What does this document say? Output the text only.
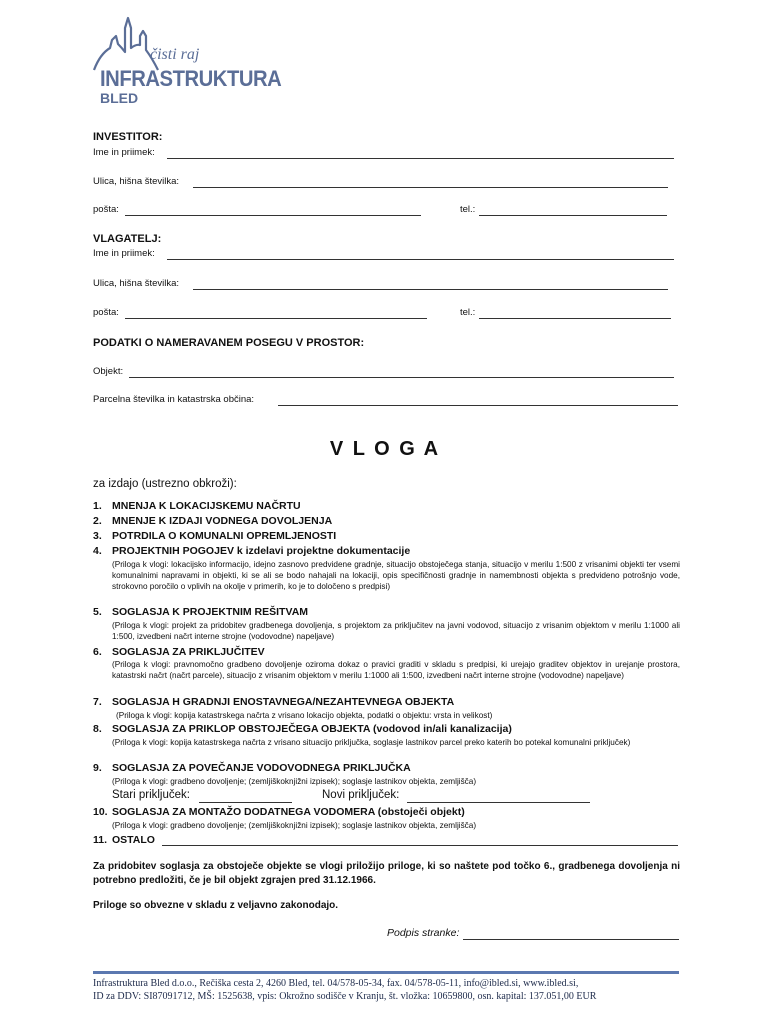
čisti raj
INFRASTRUKTURA
BLED
INVESTITOR:
Ime in priimek:
Ulica, hišna številka:
pošta:	tel.:
VLAGATELJ:
Ime in priimek:
Ulica, hišna številka:
pošta:	tel.:
PODATKI O NAMERAVANEM POSEGU V PROSTOR:
Objekt:
Parcelna številka in katastrska občina:
V L O G A
za izdajo (ustrezno obkroži):
1. MNENJA K LOKACIJSKEMU NAČRTU
2. MNENJE K IZDAJI VODNEGA DOVOLJENJA
3. POTRDILA O KOMUNALNI OPREMLJENOSTI
4. PROJEKTNIH POGOJEV k izdelavi projektne dokumentacije
(Priloga k vlogi: lokacijsko informacijo, idejno zasnovo predvidene gradnje, situacijo obstoječega stanja, situacijo v merilu 1:500 z vrisanimi objekti ter vsemi komunalnimi napravami in objekti, ki se ali se bodo nahajali na lokaciji, opis specifičnosti gradnje in namembnosti objekta s predvideno potrošnjo vode, strokovno poročilo o vplivih na okolje v primerih, ko je to določeno s predpisi)
5. SOGLASJA K PROJEKTNIM REŠITVAM
(Priloga k vlogi: projekt za pridobitev gradbenega dovoljenja, s projektom za priključitev na javni vodovod, situacijo z vrisanim objektom v merilu 1:1000 ali 1:500, izvedbeni načrt interne strojne (vodovodne) napeljave)
6. SOGLASJA ZA PRIKLJUČITEV
(Priloga k vlogi: pravnomočno gradbeno dovoljenje oziroma dokaz o pravici graditi v skladu s predpisi, ki urejajo graditev objektov in urejanje prostora, katastrski načrt (načrt parcele), situacijo z vrisanim objektom v merilu 1:1000 ali 1:500, izvedbeni načrt interne strojne (vodovodne) napeljave)
7. SOGLASJA H GRADNJI ENOSTAVNEGA/NEZAHTEVNEGA OBJEKTA
(Priloga k vlogi: kopija katastrskega načrta z vrisano lokacijo objekta, podatki o objektu: vrsta in velikost)
8. SOGLASJA ZA PRIKLOP OBSTOJEČEGA OBJEKTA (vodovod in/ali kanalizacija)
(Priloga k vlogi: kopija katastrskega načrta z vrisano situacijo priključka, soglasje lastnikov parcel preko katerih bo potekal komunalni priključek)
9. SOGLASJA ZA POVEČANJE VODOVODNEGA PRIKLJUČKA
(Priloga k vlogi: gradbeno dovoljenje; (zemljiškoknjižni izpisek); soglasje lastnikov objekta, zemljišča)
Stari priključek:	Novi priključek:
10. SOGLASJA ZA MONTAŽO DODATNEGA VODOMERA (obstoječi objekt)
(Priloga k vlogi: gradbeno dovoljenje; (zemljiškoknjižni izpisek); soglasje lastnikov objekta, zemljišča)
11. OSTALO
Za pridobitev soglasja za obstoječe objekte se vlogi priložijo priloge, ki so naštete pod točko 6., gradbenega dovoljenja ni potrebno predložiti, če je bil objekt zgrajen pred 31.12.1966.
Priloge so obvezne v skladu z veljavno zakonodajo.
Podpis stranke:
Infrastruktura Bled d.o.o., Rečiška cesta 2, 4260 Bled, tel. 04/578-05-34, fax. 04/578-05-11, info@ibled.si, www.ibled.si,
ID za DDV: SI87091712, MŠ: 1525638, vpis: Okrožno sodišče v Kranju, št. vložka: 10659800, osn. kapital: 137.051,00 EUR
